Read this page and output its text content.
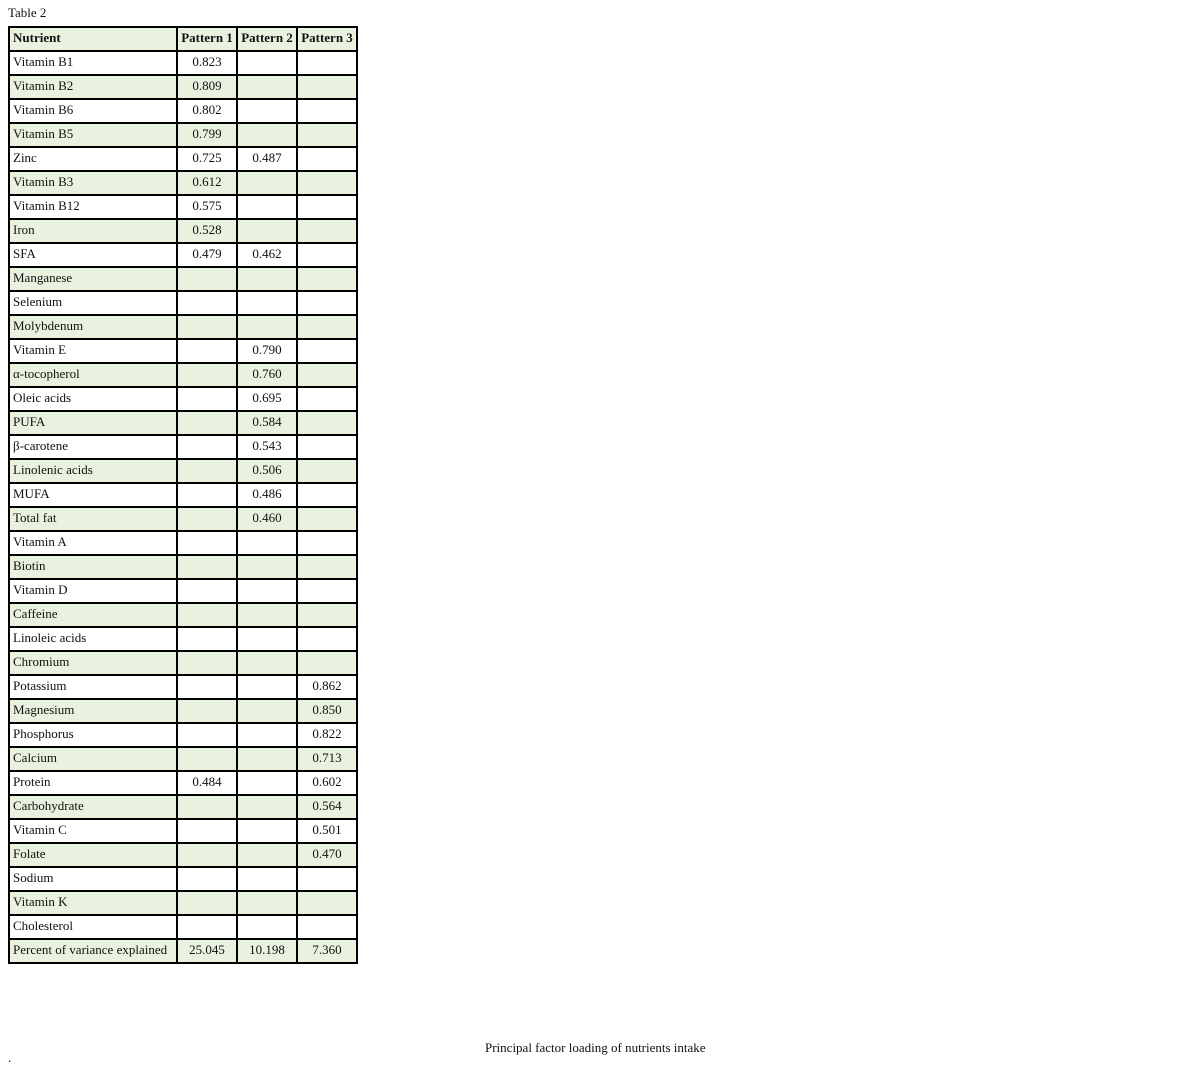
Table 2
Nutrient	Pattern 1	Pattern 2	Pattern 3
Vitamin B1	0.823		
Vitamin B2	0.809		
Vitamin B6	0.802		
Vitamin B5	0.799		
Zinc	0.725	0.487	
Vitamin B3	0.612		
Vitamin B12	0.575		
Iron	0.528		
SFA	0.479	0.462	
Manganese			
Selenium			
Molybdenum			
Vitamin E		0.790	
α-tocopherol		0.760	
Oleic acids		0.695	
PUFA		0.584	
β-carotene		0.543	
Linolenic acids		0.506	
MUFA		0.486	
Total fat		0.460	
Vitamin A			
Biotin			
Vitamin D			
Caffeine			
Linoleic acids			
Chromium			
Potassium			0.862
Magnesium			0.850
Phosphorus			0.822
Calcium			0.713
Protein	0.484		0.602
Carbohydrate			0.564
Vitamin C			0.501
Folate			0.470
Sodium			
Vitamin K			
Cholesterol			
Percent of variance explained	25.045	10.198	7.360
Principal factor loading of nutrients intake
.
